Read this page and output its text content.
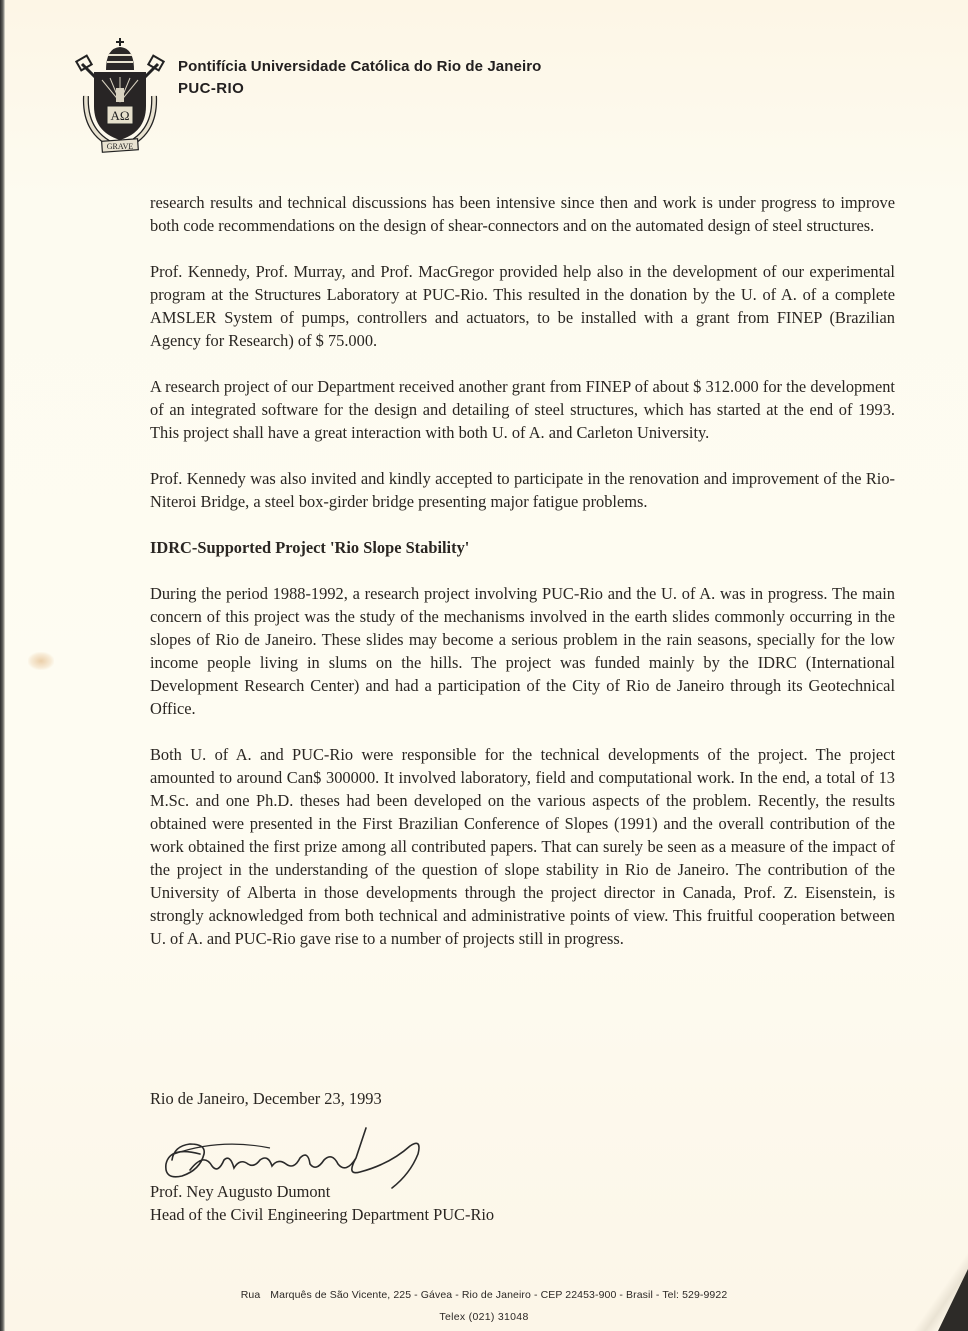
AΩ
GRAVE
Pontifícia Universidade Católica do Rio de Janeiro
PUC-RIO

research results and technical discussions has been intensive since then and work is under progress to improve both code recommendations on the design of shear-connectors and on the automated design of steel structures.

Prof. Kennedy, Prof. Murray, and Prof. MacGregor provided help also in the development of our experimental program at the Structures Laboratory at PUC-Rio. This resulted in the donation by the U. of A. of a complete AMSLER System of pumps, controllers and actuators, to be installed with a grant from FINEP (Brazilian Agency for Research) of $ 75.000.

A research project of our Department received another grant from FINEP of about $ 312.000 for the development of an integrated software for the design and detailing of steel structures, which has started at the end of 1993. This project shall have a great interaction with both U. of A. and Carleton University.

Prof. Kennedy was also invited and kindly accepted to participate in the renovation and improvement of the Rio-Niteroi Bridge, a steel box-girder bridge presenting major fatigue problems.

IDRC-Supported Project 'Rio Slope Stability'

During the period 1988-1992, a research project involving PUC-Rio and the U. of A. was in progress. The main concern of this project was the study of the mechanisms involved in the earth slides commonly occurring in the slopes of Rio de Janeiro. These slides may become a serious problem in the rain seasons, specially for the low income people living in slums on the hills. The project was funded mainly by the IDRC (International Development Research Center) and had a participation of the City of Rio de Janeiro through its Geotechnical Office.

Both U. of A. and PUC-Rio were responsible for the technical developments of the project. The project amounted to around Can$ 300000. It involved laboratory, field and computational work. In the end, a total of 13 M.Sc. and one Ph.D. theses had been developed on the various aspects of the problem. Recently, the results obtained were presented in the First Brazilian Conference of Slopes (1991) and the overall contribution of the work obtained the first prize among all contributed papers. That can surely be seen as a measure of the impact of the project in the understanding of the question of slope stability in Rio de Janeiro. The contribution of the University of Alberta in those developments through the project director in Canada, Prof. Z. Eisenstein, is strongly acknowledged from both technical and administrative points of view. This fruitful cooperation between U. of A. and PUC-Rio gave rise to a number of projects still in progress.

Rio de Janeiro, December 23, 1993
Prof. Ney Augusto Dumont
Head of the Civil Engineering Department PUC-Rio
Rua Marquês de São Vicente, 225 - Gávea - Rio de Janeiro - CEP 22453-900 - Brasil - Tel: 529-9922
Telex (021) 31048
